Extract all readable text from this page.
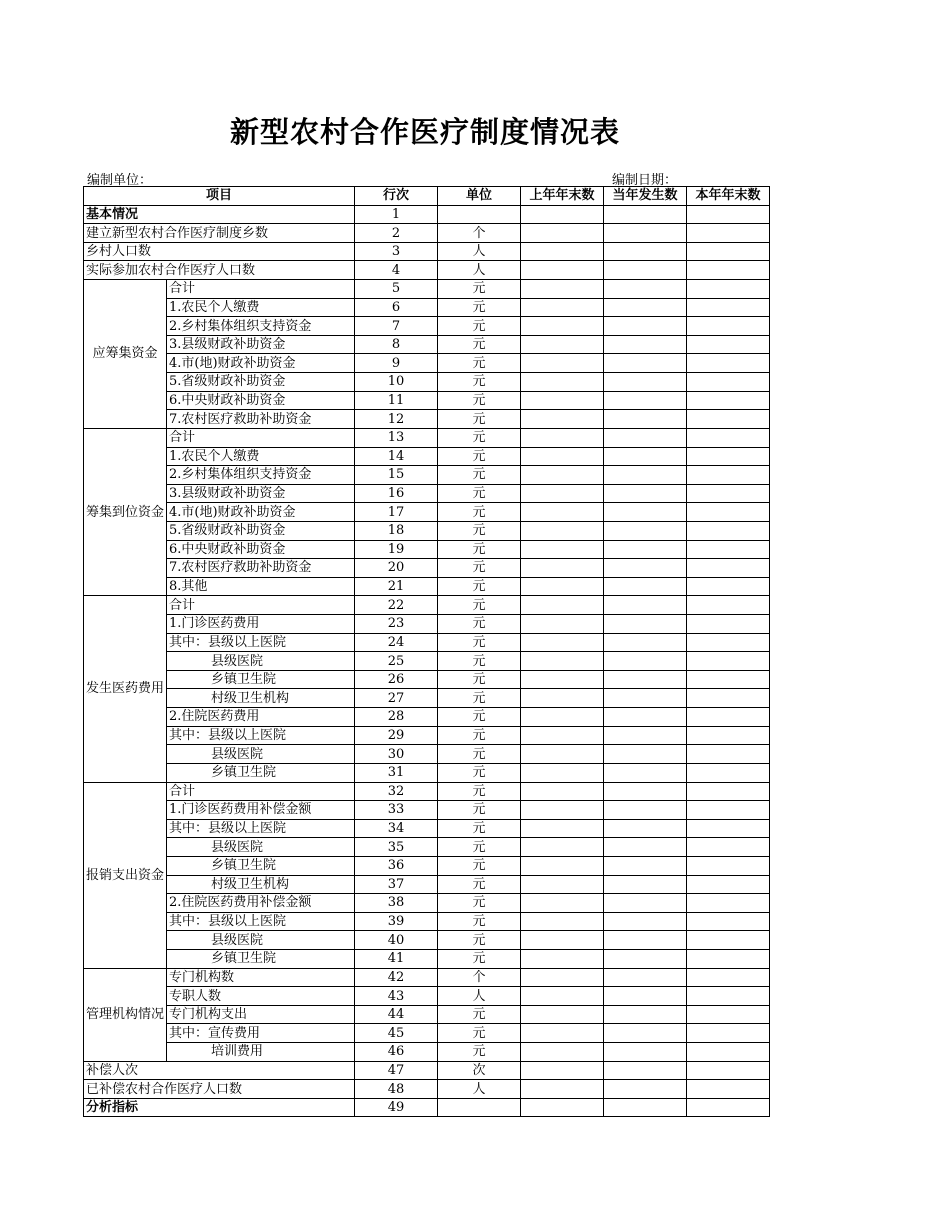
新型农村合作医疗制度情况表
编制单位：	编制日期：
项目		行次	单位	上年年末数	当年发生数	本年年末数
基本情况		1				
建立新型农村合作医疗制度乡数		2	个			
乡村人口数		3	人			
实际参加农村合作医疗人口数		4	人			
应筹集资金	合计	5	元			
	1.农民个人缴费	6	元			
	2.乡村集体组织支持资金	7	元			
	3.县级财政补助资金	8	元			
	4.市(地)财政补助资金	9	元			
	5.省级财政补助资金	10	元			
	6.中央财政补助资金	11	元			
	7.农村医疗救助补助资金	12	元			
筹集到位资金	合计	13	元			
	1.农民个人缴费	14	元			
	2.乡村集体组织支持资金	15	元			
	3.县级财政补助资金	16	元			
	4.市(地)财政补助资金	17	元			
	5.省级财政补助资金	18	元			
	6.中央财政补助资金	19	元			
	7.农村医疗救助补助资金	20	元			
	8.其他	21	元			
发生医药费用	合计	22	元			
	1.门诊医药费用	23	元			
	其中：县级以上医院	24	元			
	县级医院	25	元			
	乡镇卫生院	26	元			
	村级卫生机构	27	元			
	2.住院医药费用	28	元			
	其中：县级以上医院	29	元			
	县级医院	30	元			
	乡镇卫生院	31	元			
报销支出资金	合计	32	元			
	1.门诊医药费用补偿金额	33	元			
	其中：县级以上医院	34	元			
	县级医院	35	元			
	乡镇卫生院	36	元			
	村级卫生机构	37	元			
	2.住院医药费用补偿金额	38	元			
	其中：县级以上医院	39	元			
	县级医院	40	元			
	乡镇卫生院	41	元			
管理机构情况	专门机构数	42	个			
	专职人数	43	人			
	专门机构支出	44	元			
	其中：宣传费用	45	元			
	培训费用	46	元			
补偿人次		47	次			
已补偿农村合作医疗人口数		48	人			
分析指标		49				
